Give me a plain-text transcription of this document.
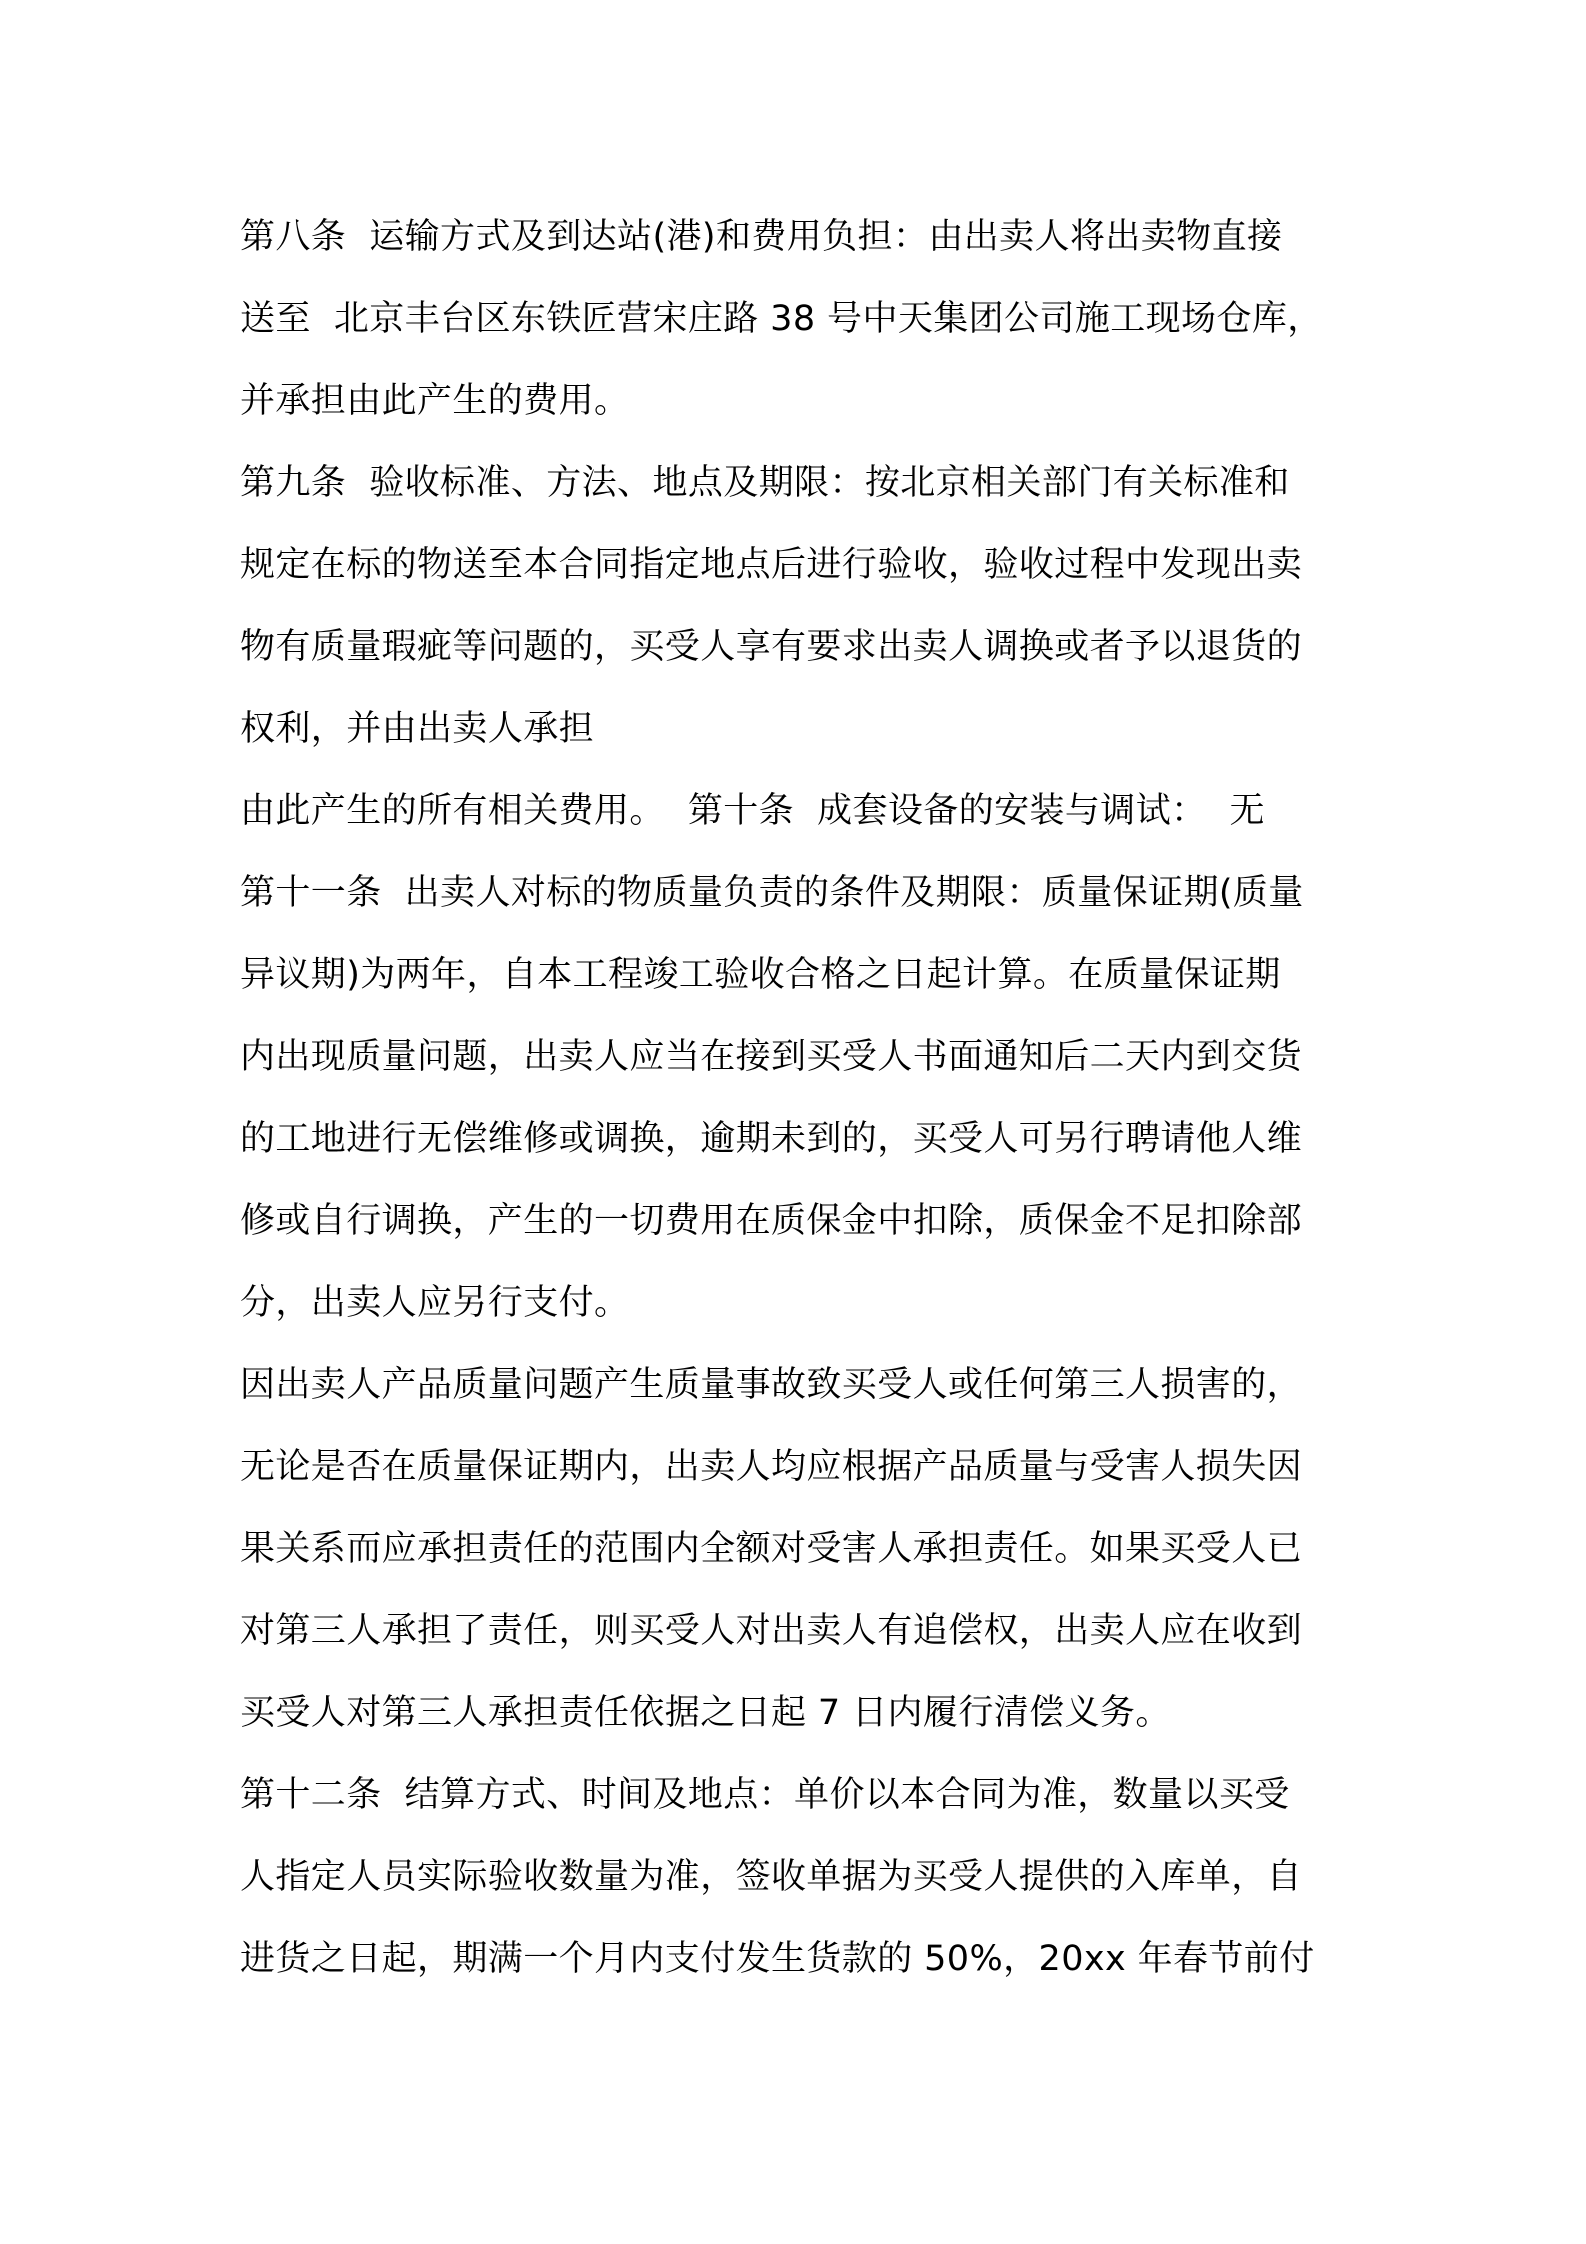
第八条  运输方式及到达站(港)和费用负担：由出卖人将出卖物直接
送至  北京丰台区东铁匠营宋庄路 38 号中天集团公司施工现场仓库，
并承担由此产生的费用。
第九条  验收标准、方法、地点及期限：按北京相关部门有关标准和
规定在标的物送至本合同指定地点后进行验收，验收过程中发现出卖
物有质量瑕疵等问题的，买受人享有要求出卖人调换或者予以退货的
权利，并由出卖人承担
由此产生的所有相关费用。  第十条  成套设备的安装与调试：  无
第十一条  出卖人对标的物质量负责的条件及期限：质量保证期(质量
异议期)为两年，自本工程竣工验收合格之日起计算。在质量保证期
内出现质量问题，出卖人应当在接到买受人书面通知后二天内到交货
的工地进行无偿维修或调换，逾期未到的，买受人可另行聘请他人维
修或自行调换，产生的一切费用在质保金中扣除，质保金不足扣除部
分，出卖人应另行支付。
因出卖人产品质量问题产生质量事故致买受人或任何第三人损害的，
无论是否在质量保证期内，出卖人均应根据产品质量与受害人损失因
果关系而应承担责任的范围内全额对受害人承担责任。如果买受人已
对第三人承担了责任，则买受人对出卖人有追偿权，出卖人应在收到
买受人对第三人承担责任依据之日起 7 日内履行清偿义务。
第十二条  结算方式、时间及地点：单价以本合同为准，数量以买受
人指定人员实际验收数量为准，签收单据为买受人提供的入库单，自
进货之日起，期满一个月内支付发生货款的 50%，20xx 年春节前付
